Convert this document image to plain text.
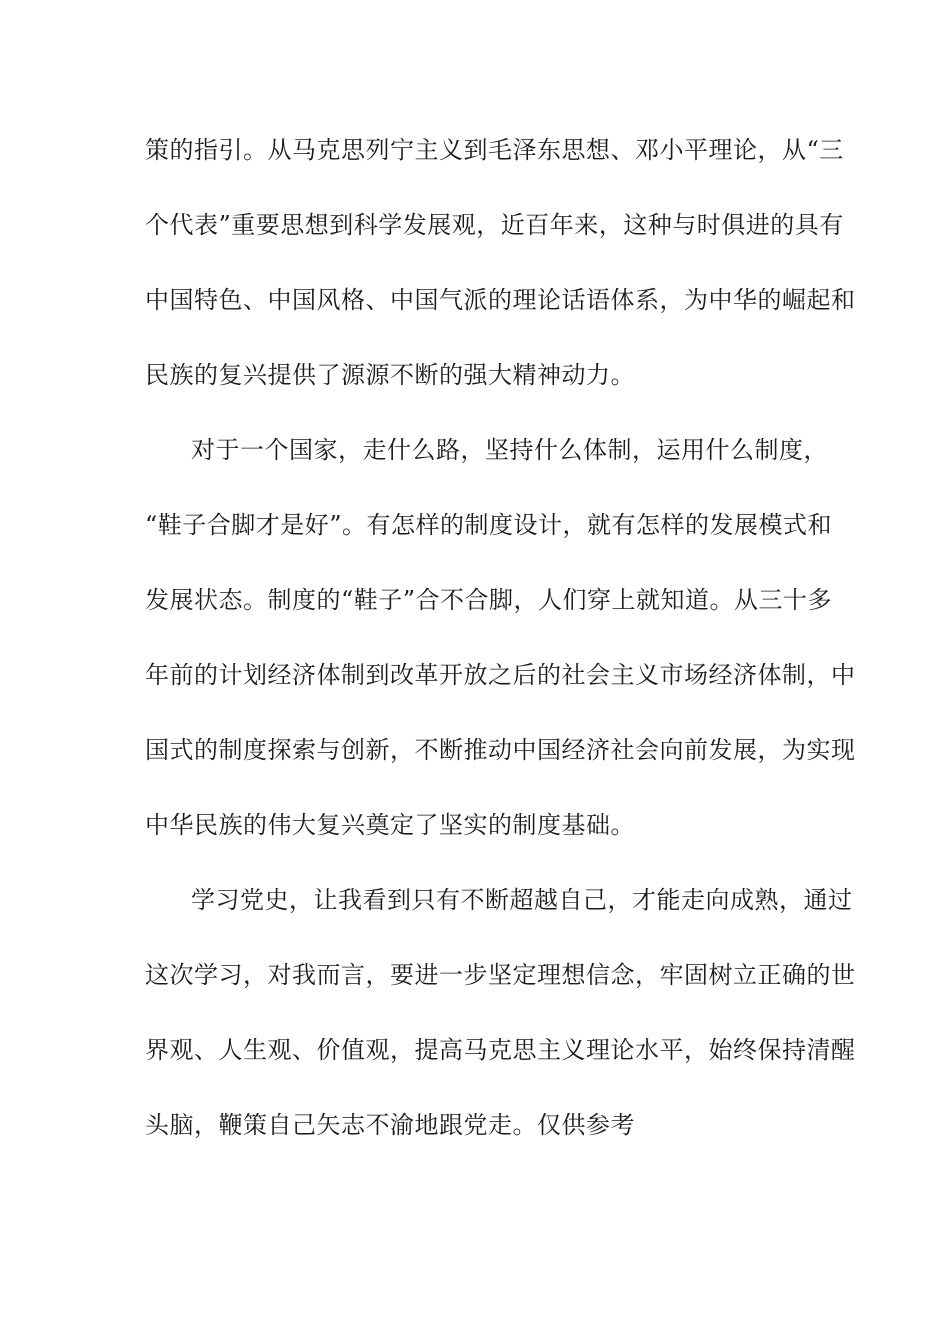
策的指引。从马克思列宁主义到毛泽东思想、邓小平理论，从“三
个代表”重要思想到科学发展观，近百年来，这种与时俱进的具有
中国特色、中国风格、中国气派的理论话语体系，为中华的崛起和
民族的复兴提供了源源不断的强大精神动力。
对于一个国家，走什么路，坚持什么体制，运用什么制度，
“鞋子合脚才是好”。有怎样的制度设计，就有怎样的发展模式和
发展状态。制度的“鞋子”合不合脚，人们穿上就知道。从三十多
年前的计划经济体制到改革开放之后的社会主义市场经济体制，中
国式的制度探索与创新，不断推动中国经济社会向前发展，为实现
中华民族的伟大复兴奠定了坚实的制度基础。
学习党史，让我看到只有不断超越自己，才能走向成熟，通过
这次学习，对我而言，要进一步坚定理想信念，牢固树立正确的世
界观、人生观、价值观，提高马克思主义理论水平，始终保持清醒
头脑，鞭策自己矢志不渝地跟党走。仅供参考
